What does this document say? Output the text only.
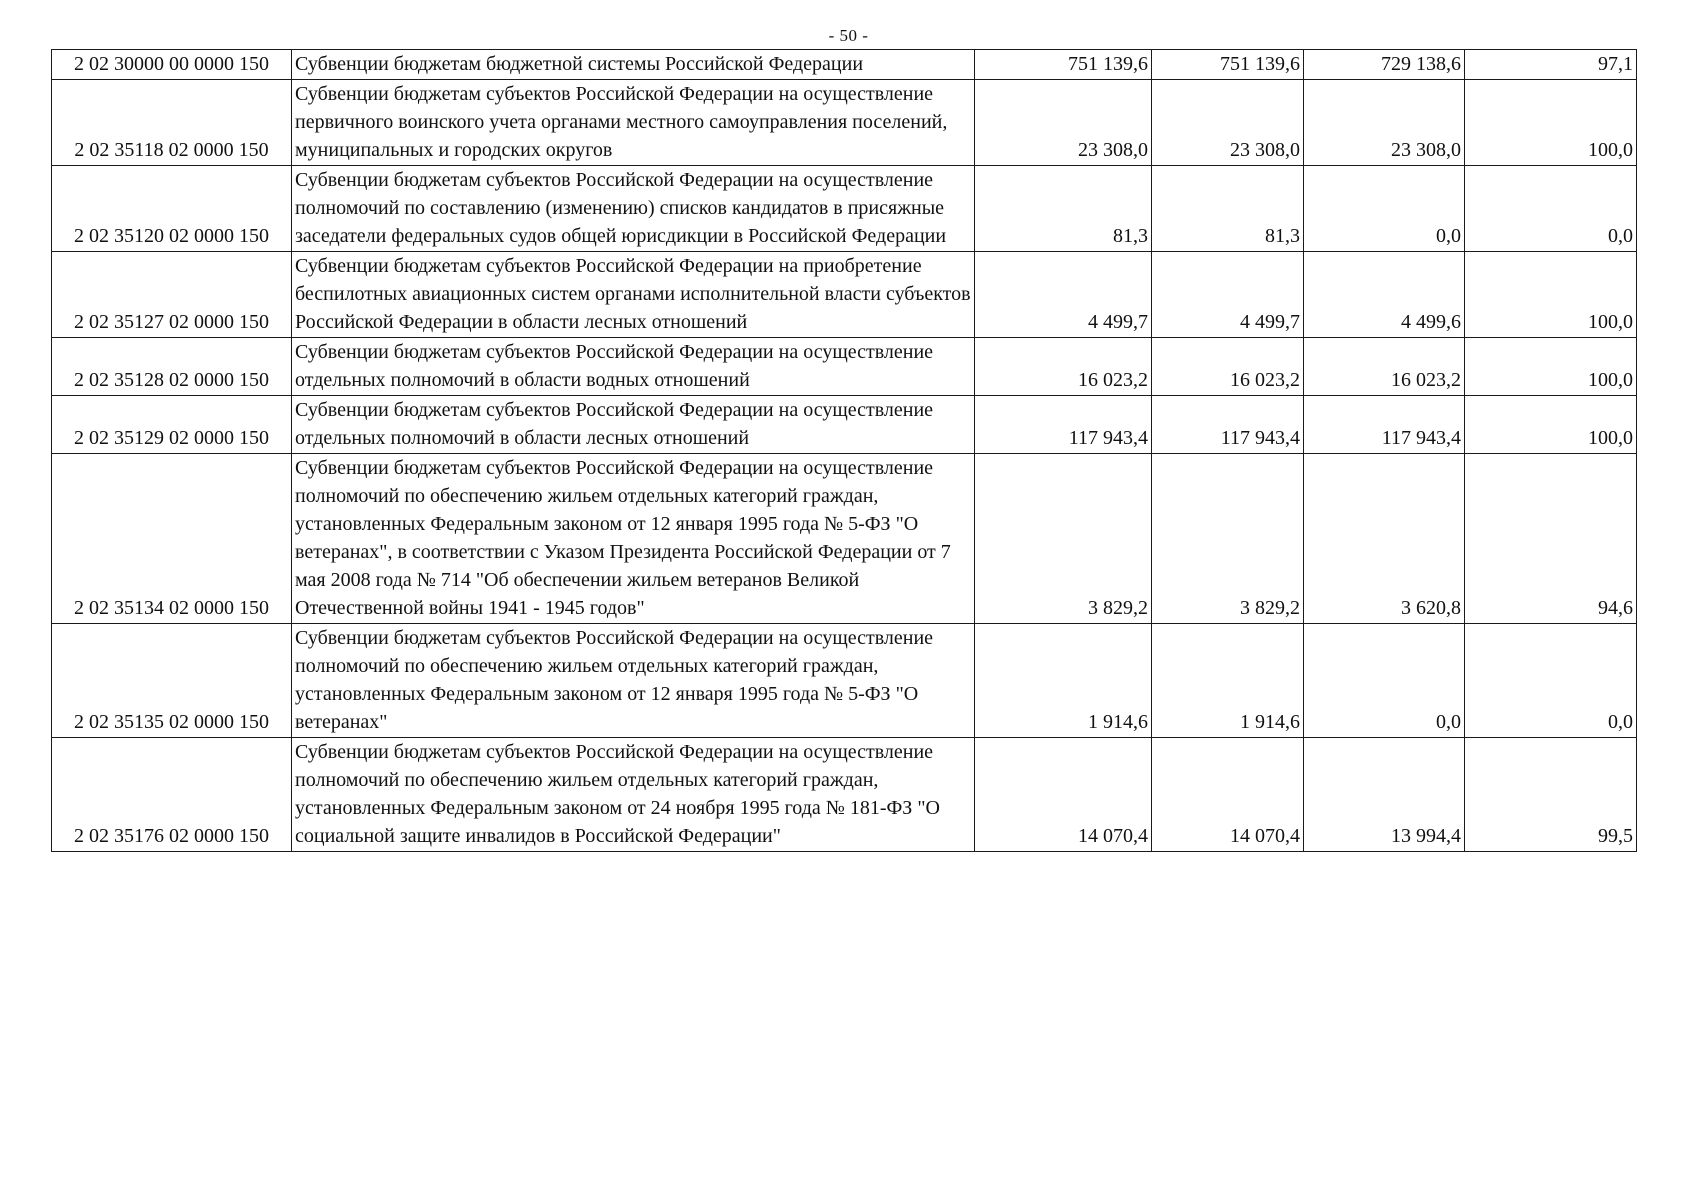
- 50 -
2 02 30000 00 0000 150	Субвенции бюджетам бюджетной системы Российской Федерации	751 139,6	751 139,6	729 138,6	97,1
2 02 35118 02 0000 150	Субвенции бюджетам субъектов Российской Федерации на осуществление первичного воинского учета органами местного самоуправления поселений, муниципальных и городских округов	23 308,0	23 308,0	23 308,0	100,0
2 02 35120 02 0000 150	Субвенции бюджетам субъектов Российской Федерации на осуществление полномочий по составлению (изменению) списков кандидатов в присяжные заседатели федеральных судов общей юрисдикции в Российской Федерации	81,3	81,3	0,0	0,0
2 02 35127 02 0000 150	Субвенции бюджетам субъектов Российской Федерации на приобретение беспилотных авиационных систем органами исполнительной власти субъектов Российской Федерации в области лесных отношений	4 499,7	4 499,7	4 499,6	100,0
2 02 35128 02 0000 150	Субвенции бюджетам субъектов Российской Федерации на осуществление отдельных полномочий в области водных отношений	16 023,2	16 023,2	16 023,2	100,0
2 02 35129 02 0000 150	Субвенции бюджетам субъектов Российской Федерации на осуществление отдельных полномочий в области лесных отношений	117 943,4	117 943,4	117 943,4	100,0
2 02 35134 02 0000 150	Субвенции бюджетам субъектов Российской Федерации на осуществление полномочий по обеспечению жильем отдельных категорий граждан, установленных Федеральным законом от 12 января 1995 года № 5-ФЗ "О ветеранах", в соответствии с Указом Президента Российской Федерации от 7 мая 2008 года № 714 "Об обеспечении жильем ветеранов Великой Отечественной войны 1941 - 1945 годов"	3 829,2	3 829,2	3 620,8	94,6
2 02 35135 02 0000 150	Субвенции бюджетам субъектов Российской Федерации на осуществление полномочий по обеспечению жильем отдельных категорий граждан, установленных Федеральным законом от 12 января 1995 года № 5-ФЗ "О ветеранах"	1 914,6	1 914,6	0,0	0,0
2 02 35176 02 0000 150	Субвенции бюджетам субъектов Российской Федерации на осуществление полномочий по обеспечению жильем отдельных категорий граждан, установленных Федеральным законом от 24 ноября 1995 года № 181-ФЗ "О социальной защите инвалидов в Российской Федерации"	14 070,4	14 070,4	13 994,4	99,5
